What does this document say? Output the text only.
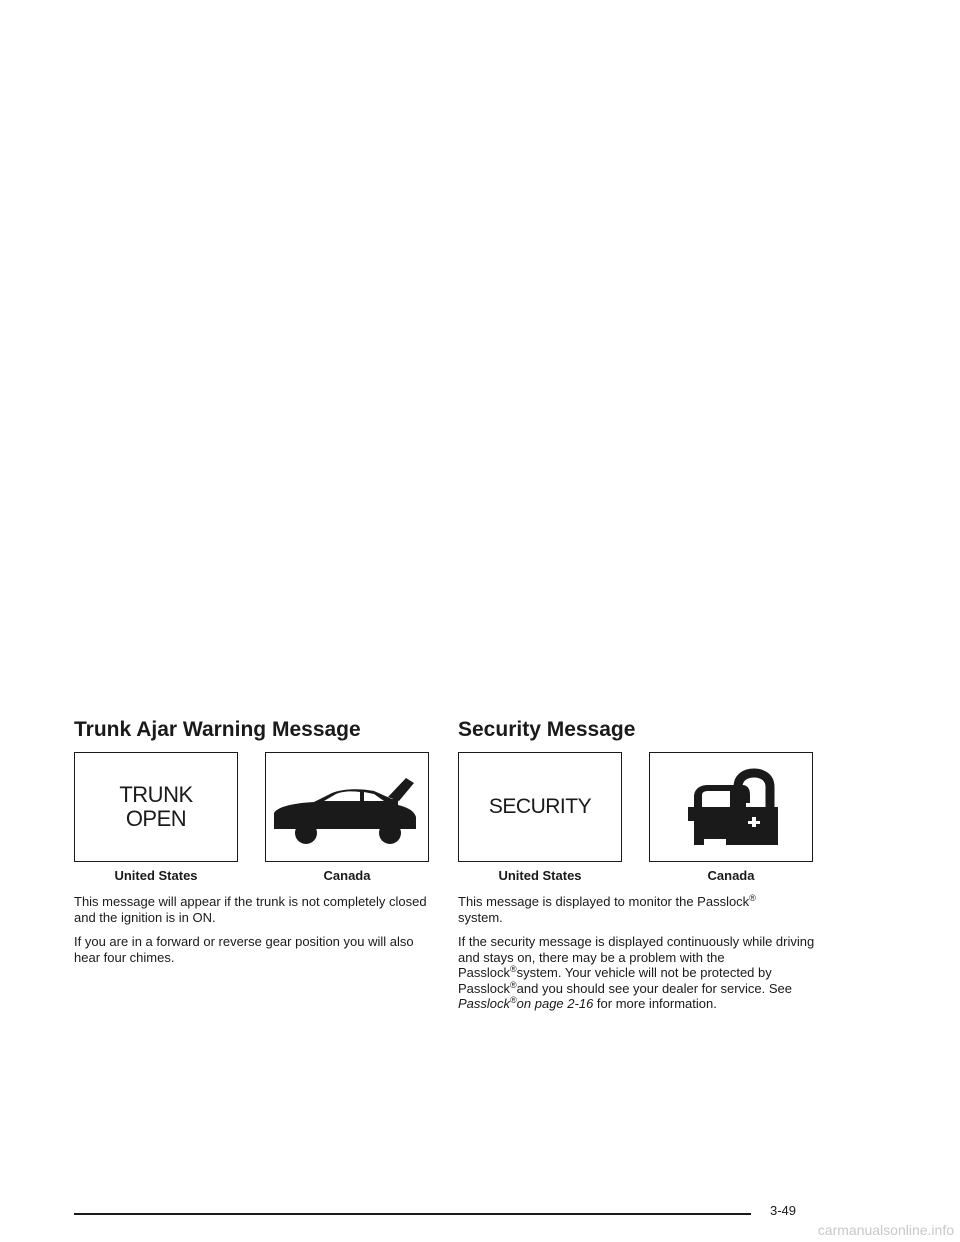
Trunk Ajar Warning Message
TRUNK
OPEN
United States	Canada

This message will appear if the trunk is not completely closed and the ignition is in ON.

If you are in a forward or reverse gear position you will also hear four chimes.

Security Message
SECURITY
United States	Canada

This message is displayed to monitor the Passlock®
system.

If the security message is displayed continuously while driving and stays on, there may be a problem with the Passlock®system. Your vehicle will not be protected by Passlock®and you should see your dealer for service. See Passlock®on page 2-16 for more information.

3-49
carmanualsonline.info
